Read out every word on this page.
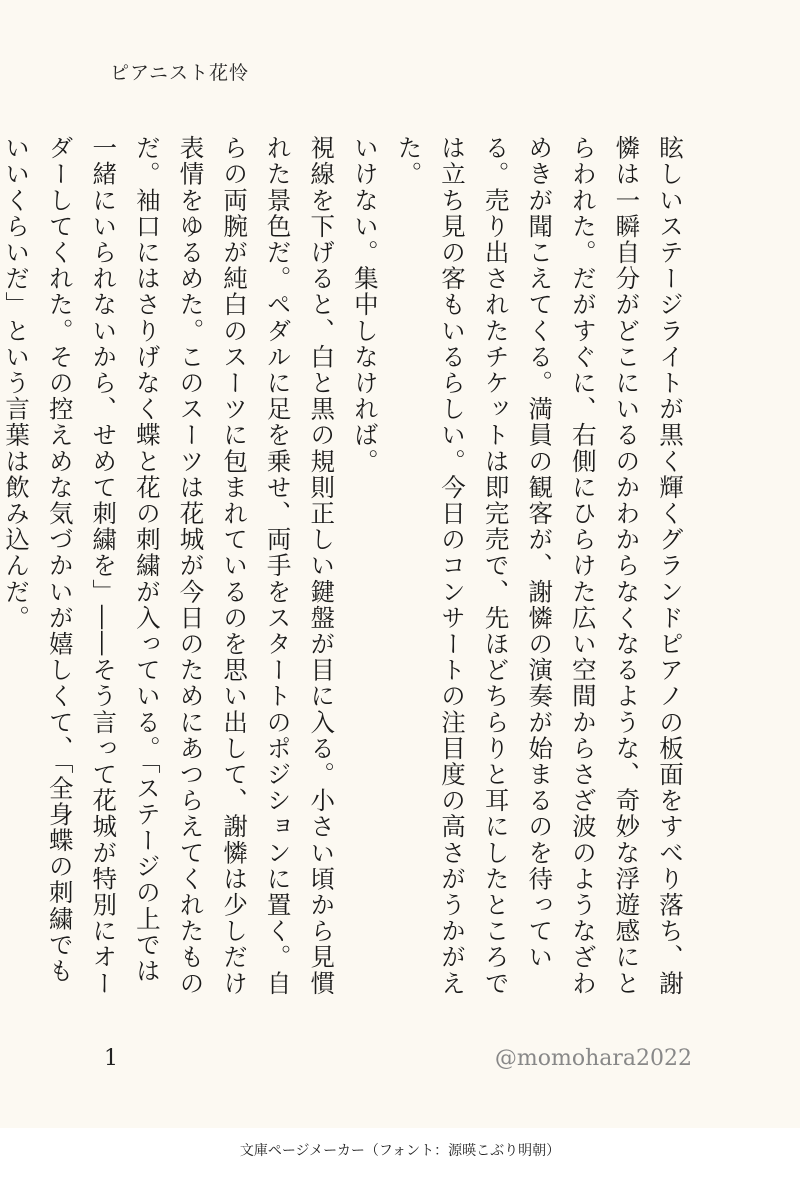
ピアニスト花怜

眩しいステージライトが黒く輝くグランドピアノの板面をすべり落ち、謝憐は一瞬自分がどこにいるのかわからなくなるような、奇妙な浮遊感にとらわれた。だがすぐに、右側にひらけた広い空間からさざ波のようなざわめきが聞こえてくる。満員の観客が、謝憐の演奏が始まるのを待っている。売り出されたチケットは即完売で、先ほどちらりと耳にしたところでは立ち見の客もいるらしい。今日のコンサートの注目度の高さがうかがえた。

いけない。集中しなければ。

視線を下げると、白と黒の規則正しい鍵盤が目に入る。小さい頃から見慣れた景色だ。ペダルに足を乗せ、両手をスタートのポジションに置く。自らの両腕が純白のスーツに包まれているのを思い出して、謝憐は少しだけ表情をゆるめた。このスーツは花城が今日のためにあつらえてくれたものだ。袖口にはさりげなく蝶と花の刺繍が入っている。「ステージの上では一緒にいられないから、せめて刺繍を」――そう言って花城が特別にオーダーしてくれた。その控えめな気づかいが嬉しくて、「全身蝶の刺繍でもいいくらいだ」という言葉は飲み込んだ。

1	@momohara2022
文庫ページメーカー（フォント：源暎こぶり明朝）
